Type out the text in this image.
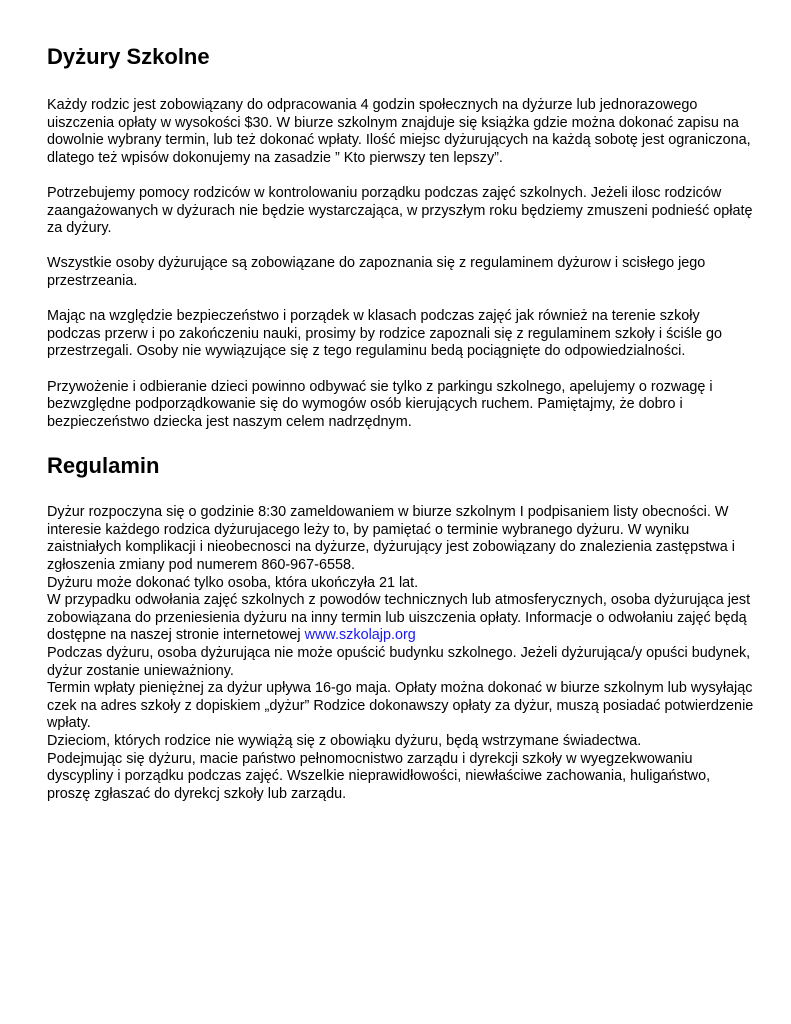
Dyżury Szkolne

Każdy rodzic jest zobowiązany do odpracowania 4 godzin społecznych na dyżurze lub jednorazowego uiszczenia opłaty w wysokości $30. W biurze szkolnym znajduje się książka gdzie można dokonać zapisu na dowolnie wybrany termin, lub też dokonać wpłaty. Ilość miejsc dyżurujących na każdą sobotę jest ograniczona, dlatego też wpisów dokonujemy na zasadzie ” Kto pierwszy ten lepszy”.

Potrzebujemy pomocy rodziców w kontrolowaniu porządku podczas zajęć szkolnych. Jeżeli ilosc rodziców zaangażowanych w dyżurach nie będzie wystarczająca, w przyszłym roku będziemy zmuszeni podnieść opłatę za dyżury.

Wszystkie osoby dyżurujące są zobowiązane do zapoznania się z regulaminem dyżurow i scisłego jego przestrzeania.

Mając na względzie bezpieczeństwo i porządek w klasach podczas zajęć jak również na terenie szkoły podczas przerw i po zakończeniu nauki, prosimy by rodzice zapoznali się z regulaminem szkoły i ściśle go przestrzegali. Osoby nie wywiązujące się z tego regulaminu bedą pociągnięte do odpowiedzialności.

Przywożenie i odbieranie dzieci powinno odbywać sie tylko z parkingu szkolnego, apelujemy o rozwagę i bezwzględne podporządkowanie się do wymogów osób kierujących ruchem. Pamiętajmy, że dobro i bezpieczeństwo dziecka jest naszym celem nadrzędnym.

Regulamin
Dyżur rozpoczyna się o godzinie 8:30 zameldowaniem w biurze szkolnym I podpisaniem listy obecności. W interesie każdego rodzica dyżurujacego leży to, by pamiętać o terminie wybranego dyżuru. W wyniku zaistniałych komplikacji i nieobecnosci na dyżurze, dyżurujący jest zobowiązany do znalezienia zastępstwa i zgłoszenia zmiany pod numerem 860-967-6558.
Dyżuru może dokonać tylko osoba, która ukończyła 21 lat.
W przypadku odwołania zajęć szkolnych z powodów technicznych lub atmosferycznych, osoba dyżurująca jest zobowiązana do przeniesienia dyżuru na inny termin lub uiszczenia opłaty. Informacje o odwołaniu zajęć będą dostępne na naszej stronie internetowej www.szkolajp.org
Podczas dyżuru, osoba dyżurująca nie może opuścić budynku szkolnego. Jeżeli dyżurująca/y opuści budynek, dyżur zostanie unieważniony.
Termin wpłaty pieniężnej za dyżur upływa 16-go maja. Opłaty można dokonać w biurze szkolnym lub wysyłając czek na adres szkoły z dopiskiem „dyżur” Rodzice dokonawszy opłaty za dyżur, muszą posiadać potwierdzenie wpłaty.
Dzieciom, których rodzice nie wywiążą się z obowiąku dyżuru, będą wstrzymane świadectwa.
Podejmując się dyżuru, macie państwo pełnomocnistwo zarządu i dyrekcji szkoły w wyegzekwowaniu dyscypliny i porządku podczas zajęć. Wszelkie nieprawidłowości, niewłaściwe zachowania, huligaństwo, proszę zgłaszać do dyrekcj szkoły lub zarządu.
